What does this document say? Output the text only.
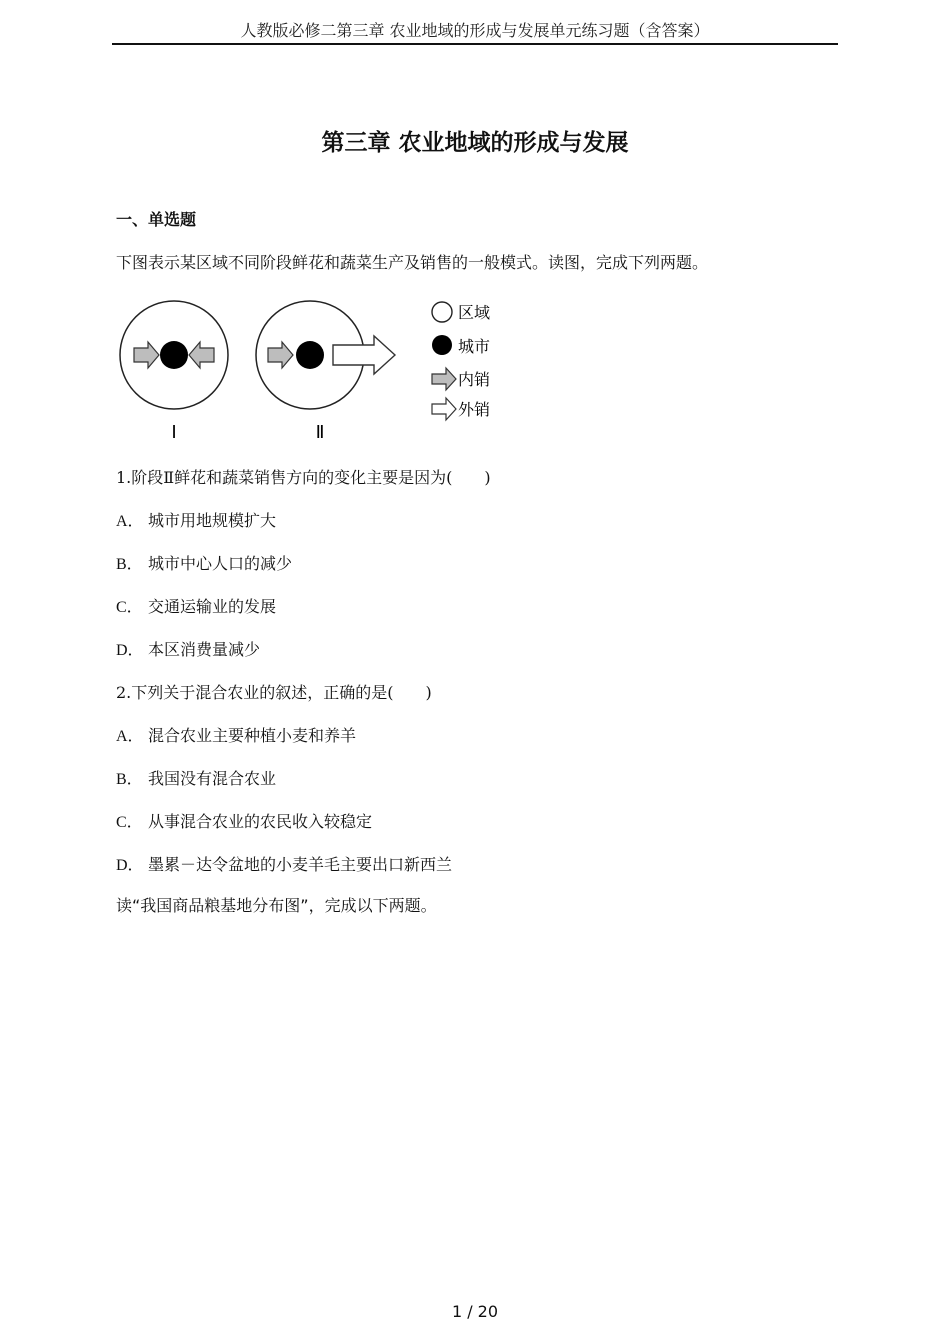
人教版必修二第三章 农业地域的形成与发展单元练习题（含答案）
第三章 农业地域的形成与发展
一、单选题
下图表示某区域不同阶段鲜花和蔬菜生产及销售的一般模式。读图，完成下列两题。
Ⅰ	Ⅱ
区域
城市
内销
外销
1.阶段Ⅱ鲜花和蔬菜销售方向的变化主要是因为(　　)
A． 城市用地规模扩大
B． 城市中心人口的减少
C． 交通运输业的发展
D． 本区消费量减少
2.下列关于混合农业的叙述，正确的是(　　)
A． 混合农业主要种植小麦和养羊
B． 我国没有混合农业
C． 从事混合农业的农民收入较稳定
D． 墨累－达令盆地的小麦羊毛主要出口新西兰
读“我国商品粮基地分布图”，完成以下两题。
1 / 20
